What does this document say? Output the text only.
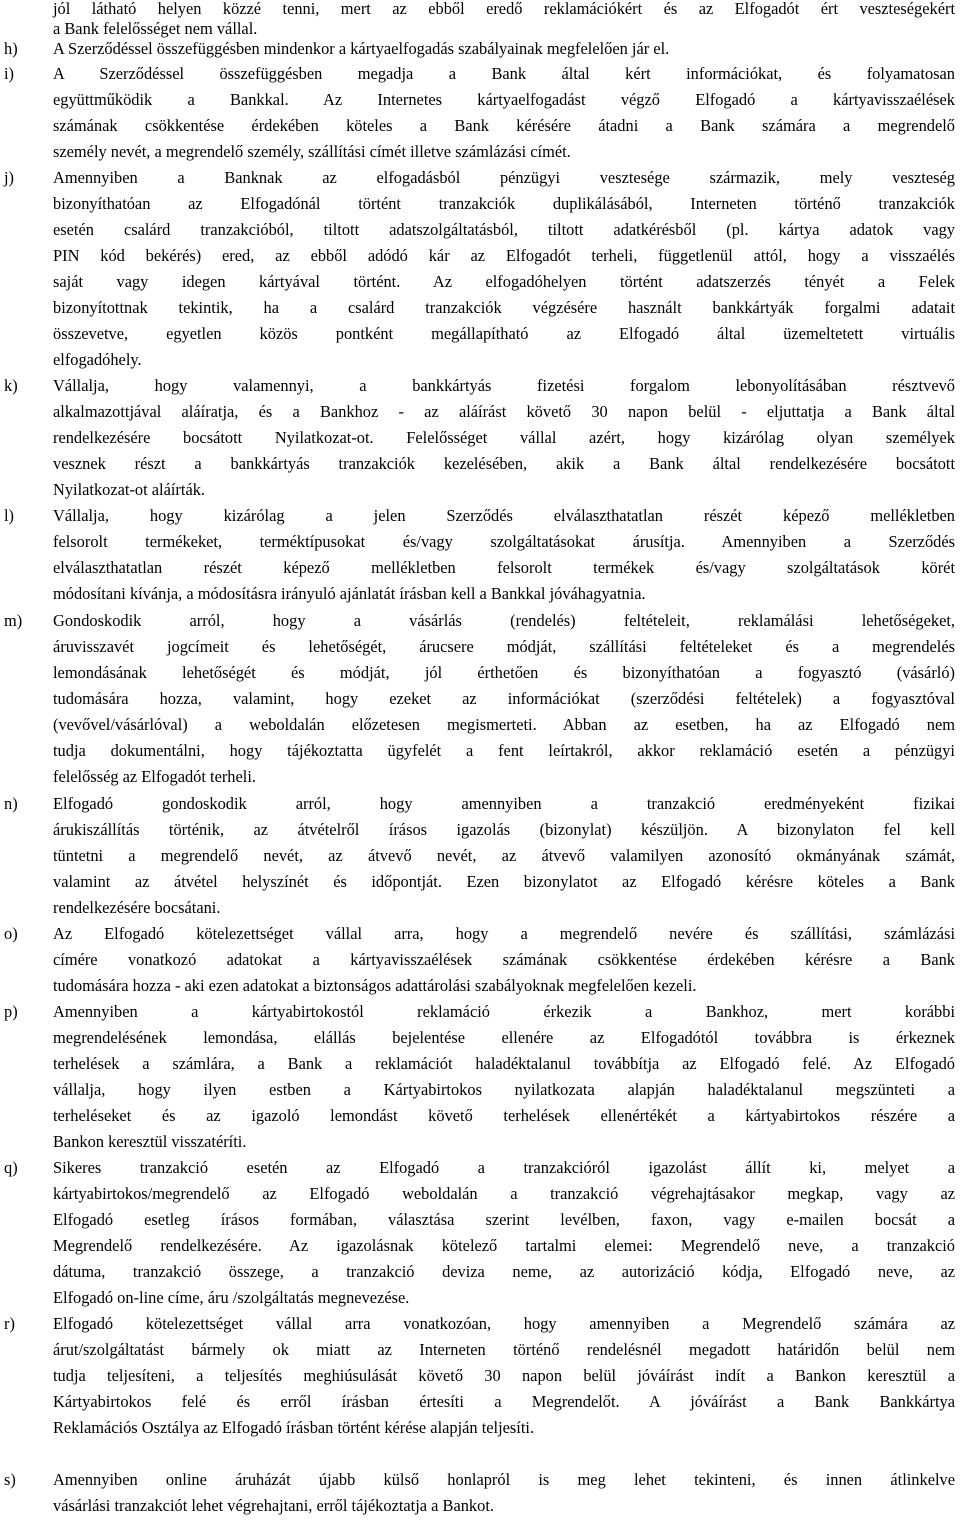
jól látható helyen közzé tenni, mert az ebből eredő reklamációkért és az Elfogadót ért veszteségekért
a Bank felelősséget nem vállal.
h) A Szerződéssel összefüggésben mindenkor a kártyaelfogadás szabályainak megfelelően jár el.
i) A Szerződéssel összefüggésben megadja a Bank által kért információkat, és folyamatosan
együttműködik a Bankkal. Az Internetes kártyaelfogadást végző Elfogadó a kártyavisszaélések
számának csökkentése érdekében köteles a Bank kérésére átadni a Bank számára a megrendelő
személy nevét, a megrendelő személy, szállítási címét illetve számlázási címét.
j) Amennyiben a Banknak az elfogadásból pénzügyi vesztesége származik, mely veszteség
bizonyíthatóan az Elfogadónál történt tranzakciók duplikálásából, Interneten történő tranzakciók
esetén csalárd tranzakcióból, tiltott adatszolgáltatásból, tiltott adatkérésből (pl. kártya adatok vagy
PIN kód bekérés) ered, az ebből adódó kár az Elfogadót terheli, függetlenül attól, hogy a visszaélés
saját vagy idegen kártyával történt. Az elfogadóhelyen történt adatszerzés tényét a Felek
bizonyítottnak tekintik, ha a csalárd tranzakciók végzésére használt bankkártyák forgalmi adatait
összevetve, egyetlen közös pontként megállapítható az Elfogadó által üzemeltetett virtuális
elfogadóhely.
k) Vállalja, hogy valamennyi, a bankkártyás fizetési forgalom lebonyolításában résztvevő
alkalmazottjával aláíratja, és a Bankhoz - az aláírást követő 30 napon belül - eljuttatja a Bank által
rendelkezésére bocsátott Nyilatkozat-ot. Felelősséget vállal azért, hogy kizárólag olyan személyek
vesznek részt a bankkártyás tranzakciók kezelésében, akik a Bank által rendelkezésére bocsátott
Nyilatkozat-ot aláírták.
l) Vállalja, hogy kizárólag a jelen Szerződés elválaszthatatlan részét képező mellékletben
felsorolt termékeket, terméktípusokat és/vagy szolgáltatásokat árusítja. Amennyiben a Szerződés
elválaszthatatlan részét képező mellékletben felsorolt termékek és/vagy szolgáltatások körét
módosítani kívánja, a módosításra irányuló ajánlatát írásban kell a Bankkal jóváhagyatnia.
m) Gondoskodik arról, hogy a vásárlás (rendelés) feltételeit, reklamálási lehetőségeket,
áruvisszavét jogcímeit és lehetőségét, árucsere módját, szállítási feltételeket és a megrendelés
lemondásának lehetőségét és módját, jól érthetően és bizonyíthatóan a fogyasztó (vásárló)
tudomására hozza, valamint, hogy ezeket az információkat (szerződési feltételek) a fogyasztóval
(vevővel/vásárlóval) a weboldalán előzetesen megismerteti. Abban az esetben, ha az Elfogadó nem
tudja dokumentálni, hogy tájékoztatta ügyfelét a fent leírtakról, akkor reklamáció esetén a pénzügyi
felelősség az Elfogadót terheli.
n) Elfogadó gondoskodik arról, hogy amennyiben a tranzakció eredményeként fizikai
árukiszállítás történik, az átvételről írásos igazolás (bizonylat) készüljön. A bizonylaton fel kell
tüntetni a megrendelő nevét, az átvevő nevét, az átvevő valamilyen azonosító okmányának számát,
valamint az átvétel helyszínét és időpontját. Ezen bizonylatot az Elfogadó kérésre köteles a Bank
rendelkezésére bocsátani.
o) Az Elfogadó kötelezettséget vállal arra, hogy a megrendelő nevére és szállítási, számlázási
címére vonatkozó adatokat a kártyavisszaélések számának csökkentése érdekében kérésre a Bank
tudomására hozza - aki ezen adatokat a biztonságos adattárolási szabályoknak megfelelően kezeli.
p) Amennyiben a kártyabirtokostól reklamáció érkezik a Bankhoz, mert korábbi
megrendelésének lemondása, elállás bejelentése ellenére az Elfogadótól továbbra is érkeznek
terhelések a számlára, a Bank a reklamációt haladéktalanul továbbítja az Elfogadó felé. Az Elfogadó
vállalja, hogy ilyen estben a Kártyabirtokos nyilatkozata alapján haladéktalanul megszünteti a
terheléseket és az igazoló lemondást követő terhelések ellenértékét a kártyabirtokos részére a
Bankon keresztül visszatéríti.
q) Sikeres tranzakció esetén az Elfogadó a tranzakcióról igazolást állít ki, melyet a
kártyabirtokos/megrendelő az Elfogadó weboldalán a tranzakció végrehajtásakor megkap, vagy az
Elfogadó esetleg írásos formában, választása szerint levélben, faxon, vagy e-mailen bocsát a
Megrendelő rendelkezésére. Az igazolásnak kötelező tartalmi elemei: Megrendelő neve, a tranzakció
dátuma, tranzakció összege, a tranzakció deviza neme, az autorizáció kódja, Elfogadó neve, az
Elfogadó on-line címe, áru /szolgáltatás megnevezése.
r) Elfogadó kötelezettséget vállal arra vonatkozóan, hogy amennyiben a Megrendelő számára az
árut/szolgáltatást bármely ok miatt az Interneten történő rendelésnél megadott határidőn belül nem
tudja teljesíteni, a teljesítés meghiúsulását követő 30 napon belül jóváírást indít a Bankon keresztül a
Kártyabirtokos felé és erről írásban értesíti a Megrendelőt. A jóváírást a Bank Bankkártya
Reklamációs Osztálya az Elfogadó írásban történt kérése alapján teljesíti.
s) Amennyiben online áruházát újabb külső honlapról is meg lehet tekinteni, és innen átlinkelve
vásárlási tranzakciót lehet végrehajtani, erről tájékoztatja a Bankot.
